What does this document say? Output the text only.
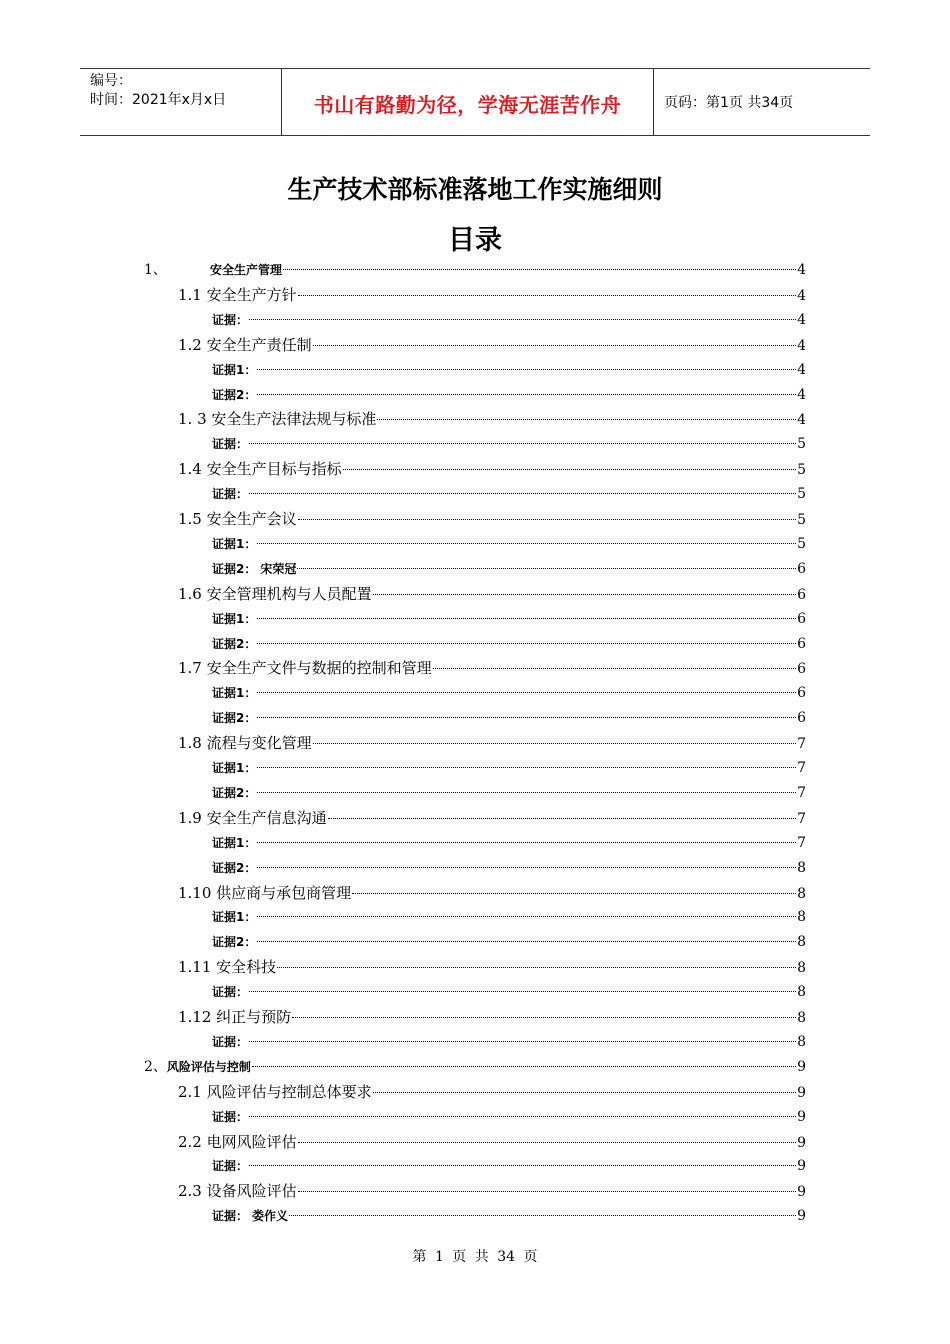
编号：
时间：2021年x月x日	书山有路勤为径，学海无涯苦作舟	页码：第1页 共34页
生产技术部标准落地工作实施细则
目录
1、	安全生产管理	4
1.1 安全生产方针	4
证据：	4
1.2 安全生产责任制	4
证据1：	4
证据2：	4
1. 3 安全生产法律法规与标准	4
证据：	5
1.4 安全生产目标与指标	5
证据：	5
1.5 安全生产会议	5
证据1：	5
证据2： 宋荣冠	6
1.6 安全管理机构与人员配置	6
证据1：	6
证据2：	6
1.7 安全生产文件与数据的控制和管理	6
证据1：	6
证据2：	6
1.8 流程与变化管理	7
证据1：	7
证据2：	7
1.9 安全生产信息沟通	7
证据1：	7
证据2：	8
1.10 供应商与承包商管理	8
证据1：	8
证据2：	8
1.11 安全科技	8
证据：	8
1.12 纠正与预防	8
证据：	8
2、 风险评估与控制	9
2.1 风险评估与控制总体要求	9
证据：	9
2.2 电网风险评估	9
证据：	9
2.3 设备风险评估	9
证据： 娄作义	9
第 1 页 共 34 页
